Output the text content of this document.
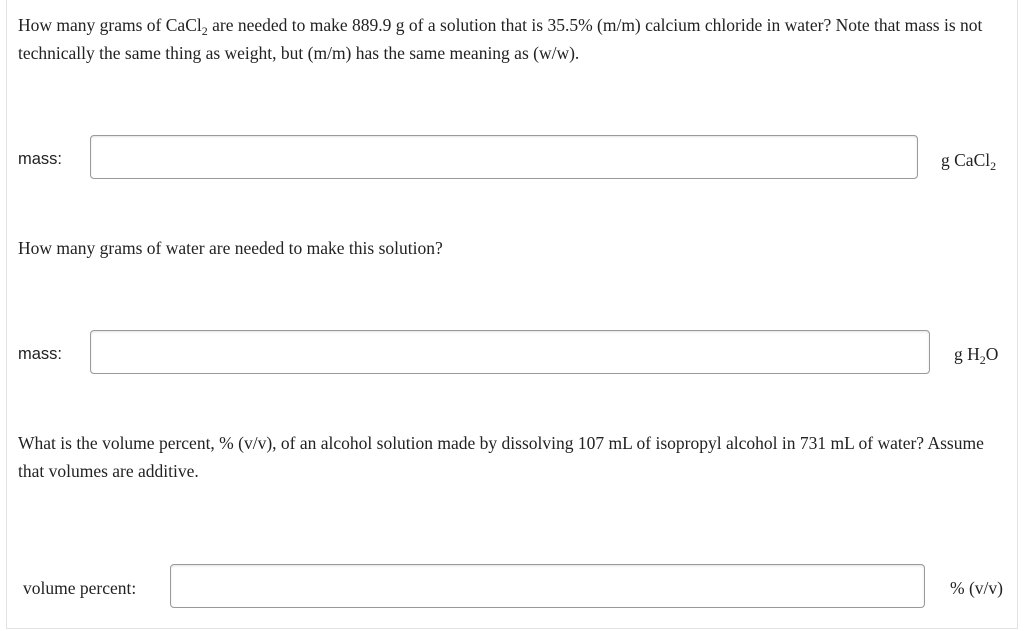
How many grams of CaCl$_2$ are needed to make 889.9 g of a solution that is 35.5% (m/m) calcium chloride in water? Note that mass is not technically the same thing as weight, but (m/m) has the same meaning as (w/w).

mass:	g CaCl$_2$

How many grams of water are needed to make this solution?

mass:	g $H_2O$

What is the volume percent, % (v/v), of an alcohol solution made by dissolving 107 mL of isopropyl alcohol in 731 mL of water? Assume that volumes are additive.

volume percent:	% (v/v)
